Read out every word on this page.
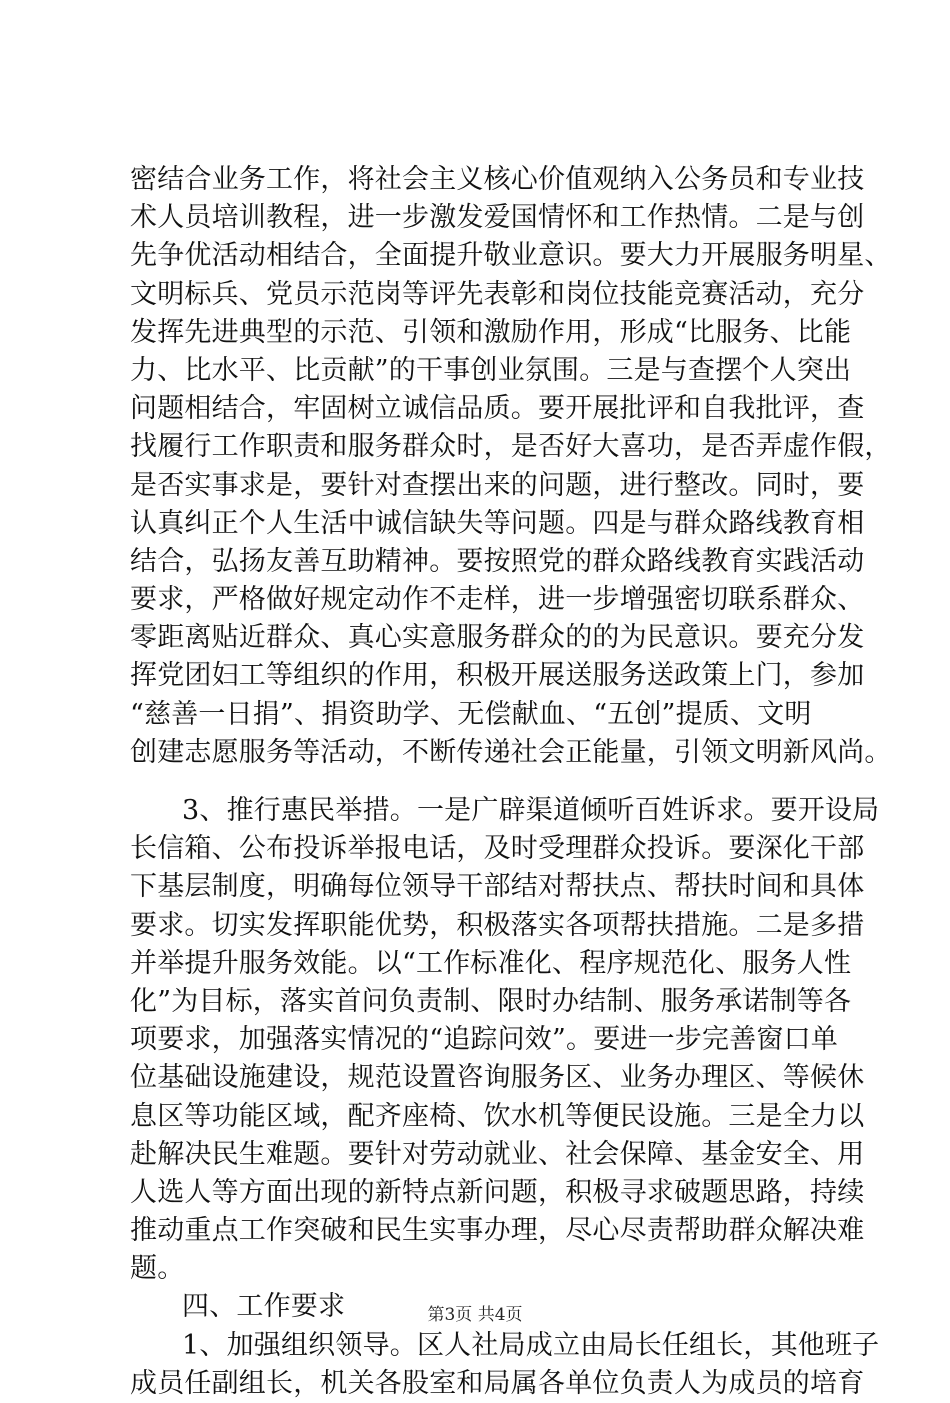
密结合业务工作，将社会主义核心价值观纳入公务员和专业技
术人员培训教程，进一步激发爱国情怀和工作热情。二是与创
先争优活动相结合，全面提升敬业意识。要大力开展服务明星、
文明标兵、党员示范岗等评先表彰和岗位技能竞赛活动，充分
发挥先进典型的示范、引领和激励作用，形成“比服务、比能
力、比水平、比贡献”的干事创业氛围。三是与查摆个人突出
问题相结合，牢固树立诚信品质。要开展批评和自我批评，查
找履行工作职责和服务群众时，是否好大喜功，是否弄虚作假，
是否实事求是，要针对查摆出来的问题，进行整改。同时，要
认真纠正个人生活中诚信缺失等问题。四是与群众路线教育相
结合，弘扬友善互助精神。要按照党的群众路线教育实践活动
要求，严格做好规定动作不走样，进一步增强密切联系群众、
零距离贴近群众、真心实意服务群众的的为民意识。要充分发
挥党团妇工等组织的作用，积极开展送服务送政策上门，参加
“慈善一日捐”、捐资助学、无偿献血、“五创”提质、文明
创建志愿服务等活动，不断传递社会正能量，引领文明新风尚。
3、推行惠民举措。一是广辟渠道倾听百姓诉求。要开设局
长信箱、公布投诉举报电话，及时受理群众投诉。要深化干部
下基层制度，明确每位领导干部结对帮扶点、帮扶时间和具体
要求。切实发挥职能优势，积极落实各项帮扶措施。二是多措
并举提升服务效能。以“工作标准化、程序规范化、服务人性
化”为目标，落实首问负责制、限时办结制、服务承诺制等各
项要求，加强落实情况的“追踪问效”。要进一步完善窗口单
位基础设施建设，规范设置咨询服务区、业务办理区、等候休
息区等功能区域，配齐座椅、饮水机等便民设施。三是全力以
赴解决民生难题。要针对劳动就业、社会保障、基金安全、用
人选人等方面出现的新特点新问题，积极寻求破题思路，持续
推动重点工作突破和民生实事办理，尽心尽责帮助群众解决难
题。
四、工作要求
1、加强组织领导。区人社局成立由局长任组长，其他班子
成员任副组长，机关各股室和局属各单位负责人为成员的培育
第3页 共4页
